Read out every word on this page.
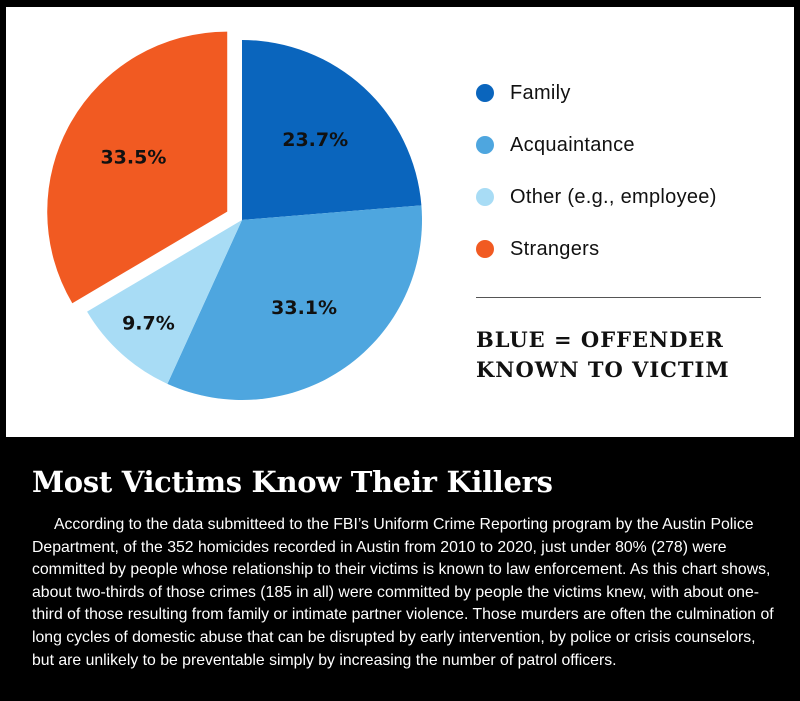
23.7%
33.1%
9.7%
33.5%
Family
Acquaintance
Other (e.g., employee)
Strangers
BLUE = OFFENDER
KNOWN TO VICTIM
Most Victims Know Their Killers

According to the data submitteed to the FBI’s Uniform Crime Reporting program by the Austin Police Department, of the 352 homicides recorded in Austin from 2010 to 2020, just under 80% (278) were committed by people whose relationship to their victims is known to law enforcement. As this chart shows, about two-thirds of those crimes (185 in all) were committed by people the victims knew, with about one-third of those resulting from family or intimate partner violence. Those murders are often the culmination of long cycles of domestic abuse that can be disrupted by early intervention, by police or crisis counselors, but are unlikely to be preventable simply by increasing the number of patrol officers.
